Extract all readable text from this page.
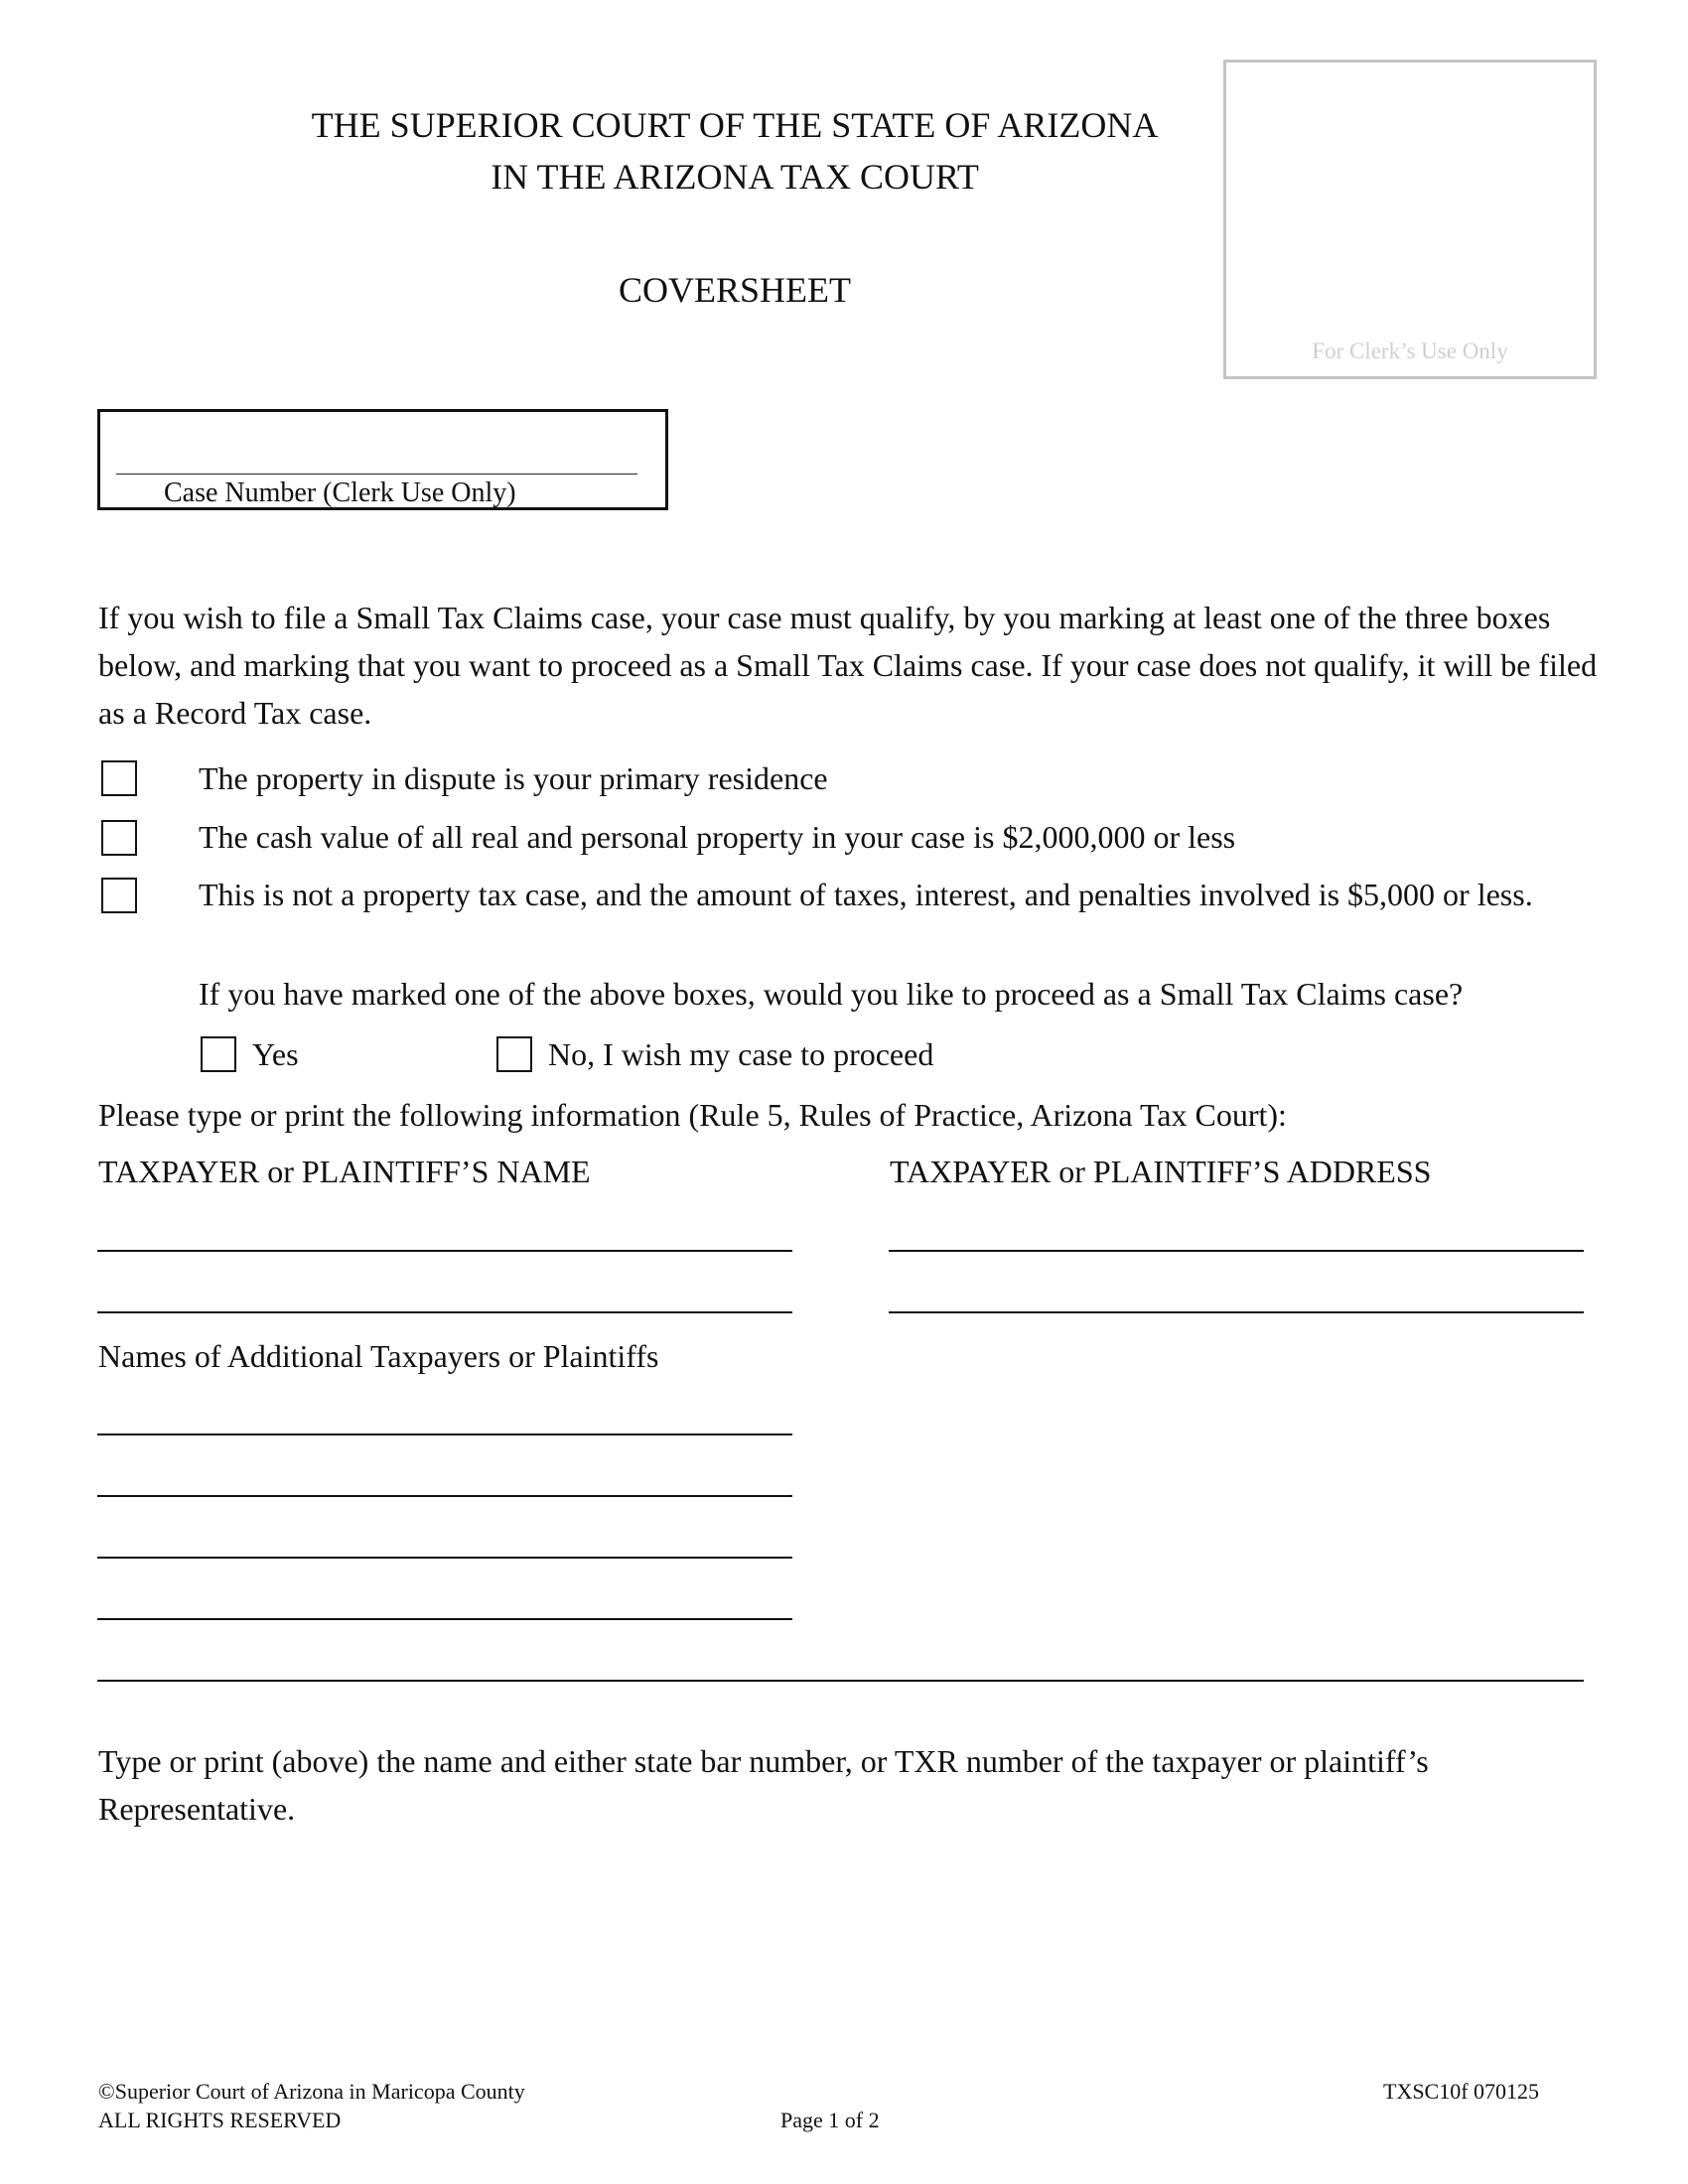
THE SUPERIOR COURT OF THE STATE OF ARIZONA
IN THE ARIZONA TAX COURT
COVERSHEET
For Clerk’s Use Only
Case Number (Clerk Use Only)
If you wish to file a Small Tax Claims case, your case must qualify, by you marking at least one of the three boxes below, and marking that you want to proceed as a Small Tax Claims case. If your case does not qualify, it will be filed as a Record Tax case.
The property in dispute is your primary residence
The cash value of all real and personal property in your case is $2,000,000 or less
This is not a property tax case, and the amount of taxes, interest, and penalties involved is $5,000 or less.
If you have marked one of the above boxes, would you like to proceed as a Small Tax Claims case?
Yes	No, I wish my case to proceed
Please type or print the following information (Rule 5, Rules of Practice, Arizona Tax Court):
TAXPAYER or PLAINTIFF’S NAME	TAXPAYER or PLAINTIFF’S ADDRESS
Names of Additional Taxpayers or Plaintiffs
Type or print (above) the name and either state bar number, or TXR number of the taxpayer or plaintiff’s Representative.
©Superior Court of Arizona in Maricopa County
ALL RIGHTS RESERVED	Page 1 of 2
TXSC10f 070125
